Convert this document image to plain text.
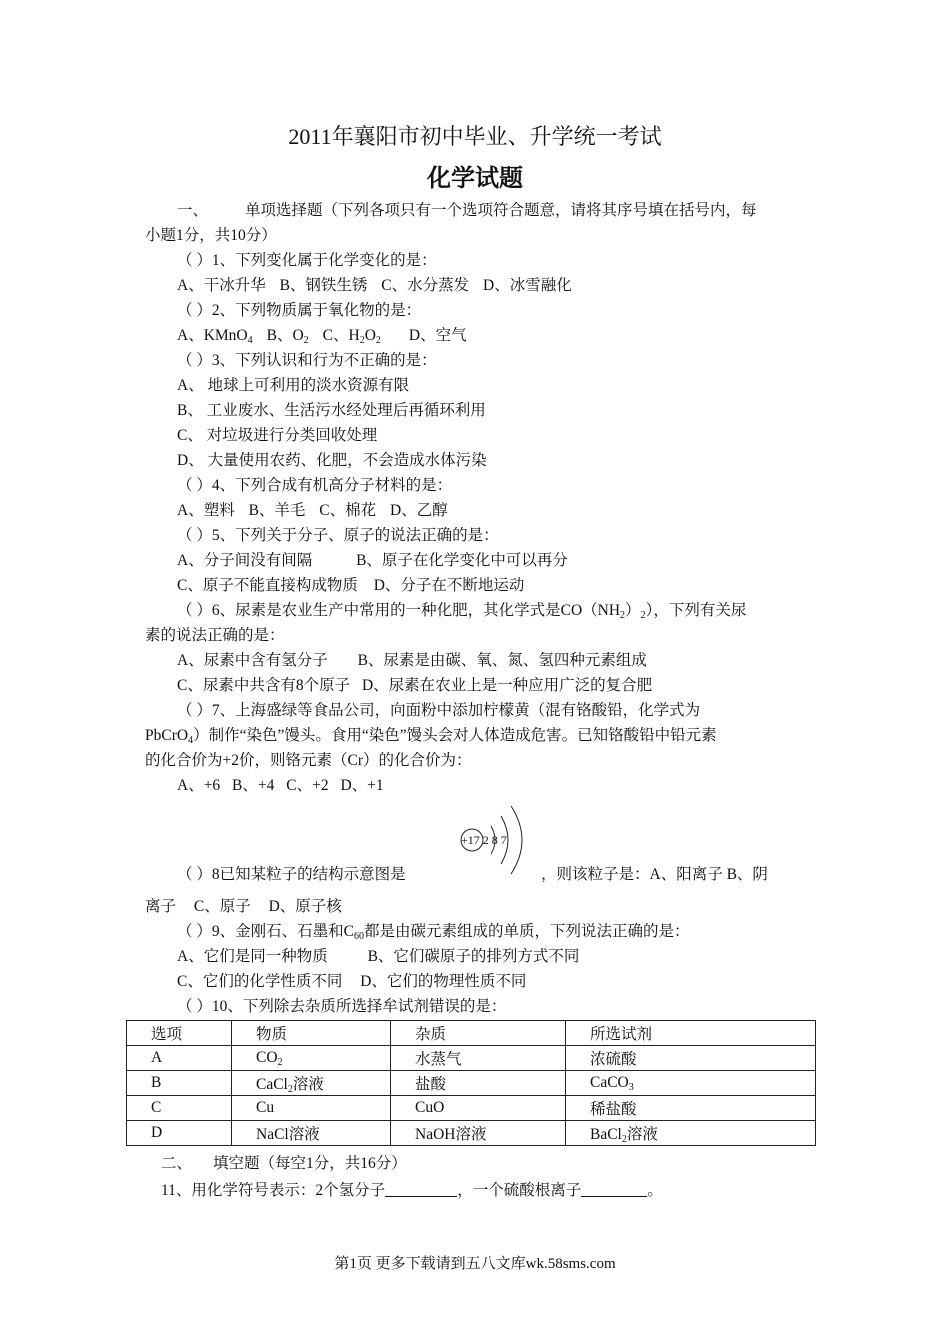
2011年襄阳市初中毕业、升学统一考试
化学试题
一、 单项选择题（下列各项只有一个选项符合题意，请将其序号填在括号内，每
小题1分，共10分）
（ ）1、下列变化属于化学变化的是：
A、干冰升华 B、钢铁生锈 C、水分蒸发 D、冰雪融化
（ ）2、下列物质属于氧化物的是：
A、KMnO$_4$ B、$O_2$ C、$H_2O_2$ D、空气
（ ）3、下列认识和行为不正确的是：
A、 地球上可利用的淡水资源有限
B、 工业废水、生活污水经处理后再循环利用
C、 对垃圾进行分类回收处理
D、 大量使用农药、化肥，不会造成水体污染
（ ）4、下列合成有机高分子材料的是：
A、塑料 B、羊毛 C、棉花 D、乙醇
（ ）5、下列关于分子、原子的说法正确的是：
A、分子间没有间隔 B、原子在化学变化中可以再分
C、原子不能直接构成物质 D、分子在不断地运动
（ ）6、尿素是农业生产中常用的一种化肥，其化学式是$CO(NH_2)_2$），下列有关尿
素的说法正确的是：
A、尿素中含有氢分子 B、尿素是由碳、氧、氮、氢四种元素组成
C、尿素中共含有8个原子 D、尿素在农业上是一种应用广泛的复合肥
（ ）7、上海盛绿等食品公司，向面粉中添加柠檬黄（混有铬酸铅，化学式为
PbCrO$_4$）制作“染色”馒头。食用“染色”馒头会对人体造成危害。已知铬酸铅中铅元素
的化合价为+2价，则铬元素（Cr）的化合价为：
A、+6 B、+4 C、+2 D、+1
+17 2 8 7
（ ）8已知某粒子的结构示意图是	，则该粒子是：A、阳离子 B、阴
离子 C、原子 D、原子核
（ ）9、金刚石、石墨和$C_{60}$都是由碳元素组成的单质，下列说法正确的是：
A、它们是同一种物质 B、它们碳原子的排列方式不同
C、它们的化学性质不同 D、它们的物理性质不同
（ ）10、下列除去杂质所选择牟试剂错误的是：
选项	物质	杂质	所选试剂
A	$CO_2$	水蒸气	浓硫酸
B	CaCl$_2$溶液	盐酸	CaCO$_3$
C	Cu	CuO	稀盐酸
D	NaCl溶液	NaOH溶液	BaCl$_2$溶液
二、 填空题（每空1分，共16分）
11、用化学符号表示：2个氢分子	，一个硫酸根离子	。
第1页 更多下载请到五八文库wk.58sms.com
